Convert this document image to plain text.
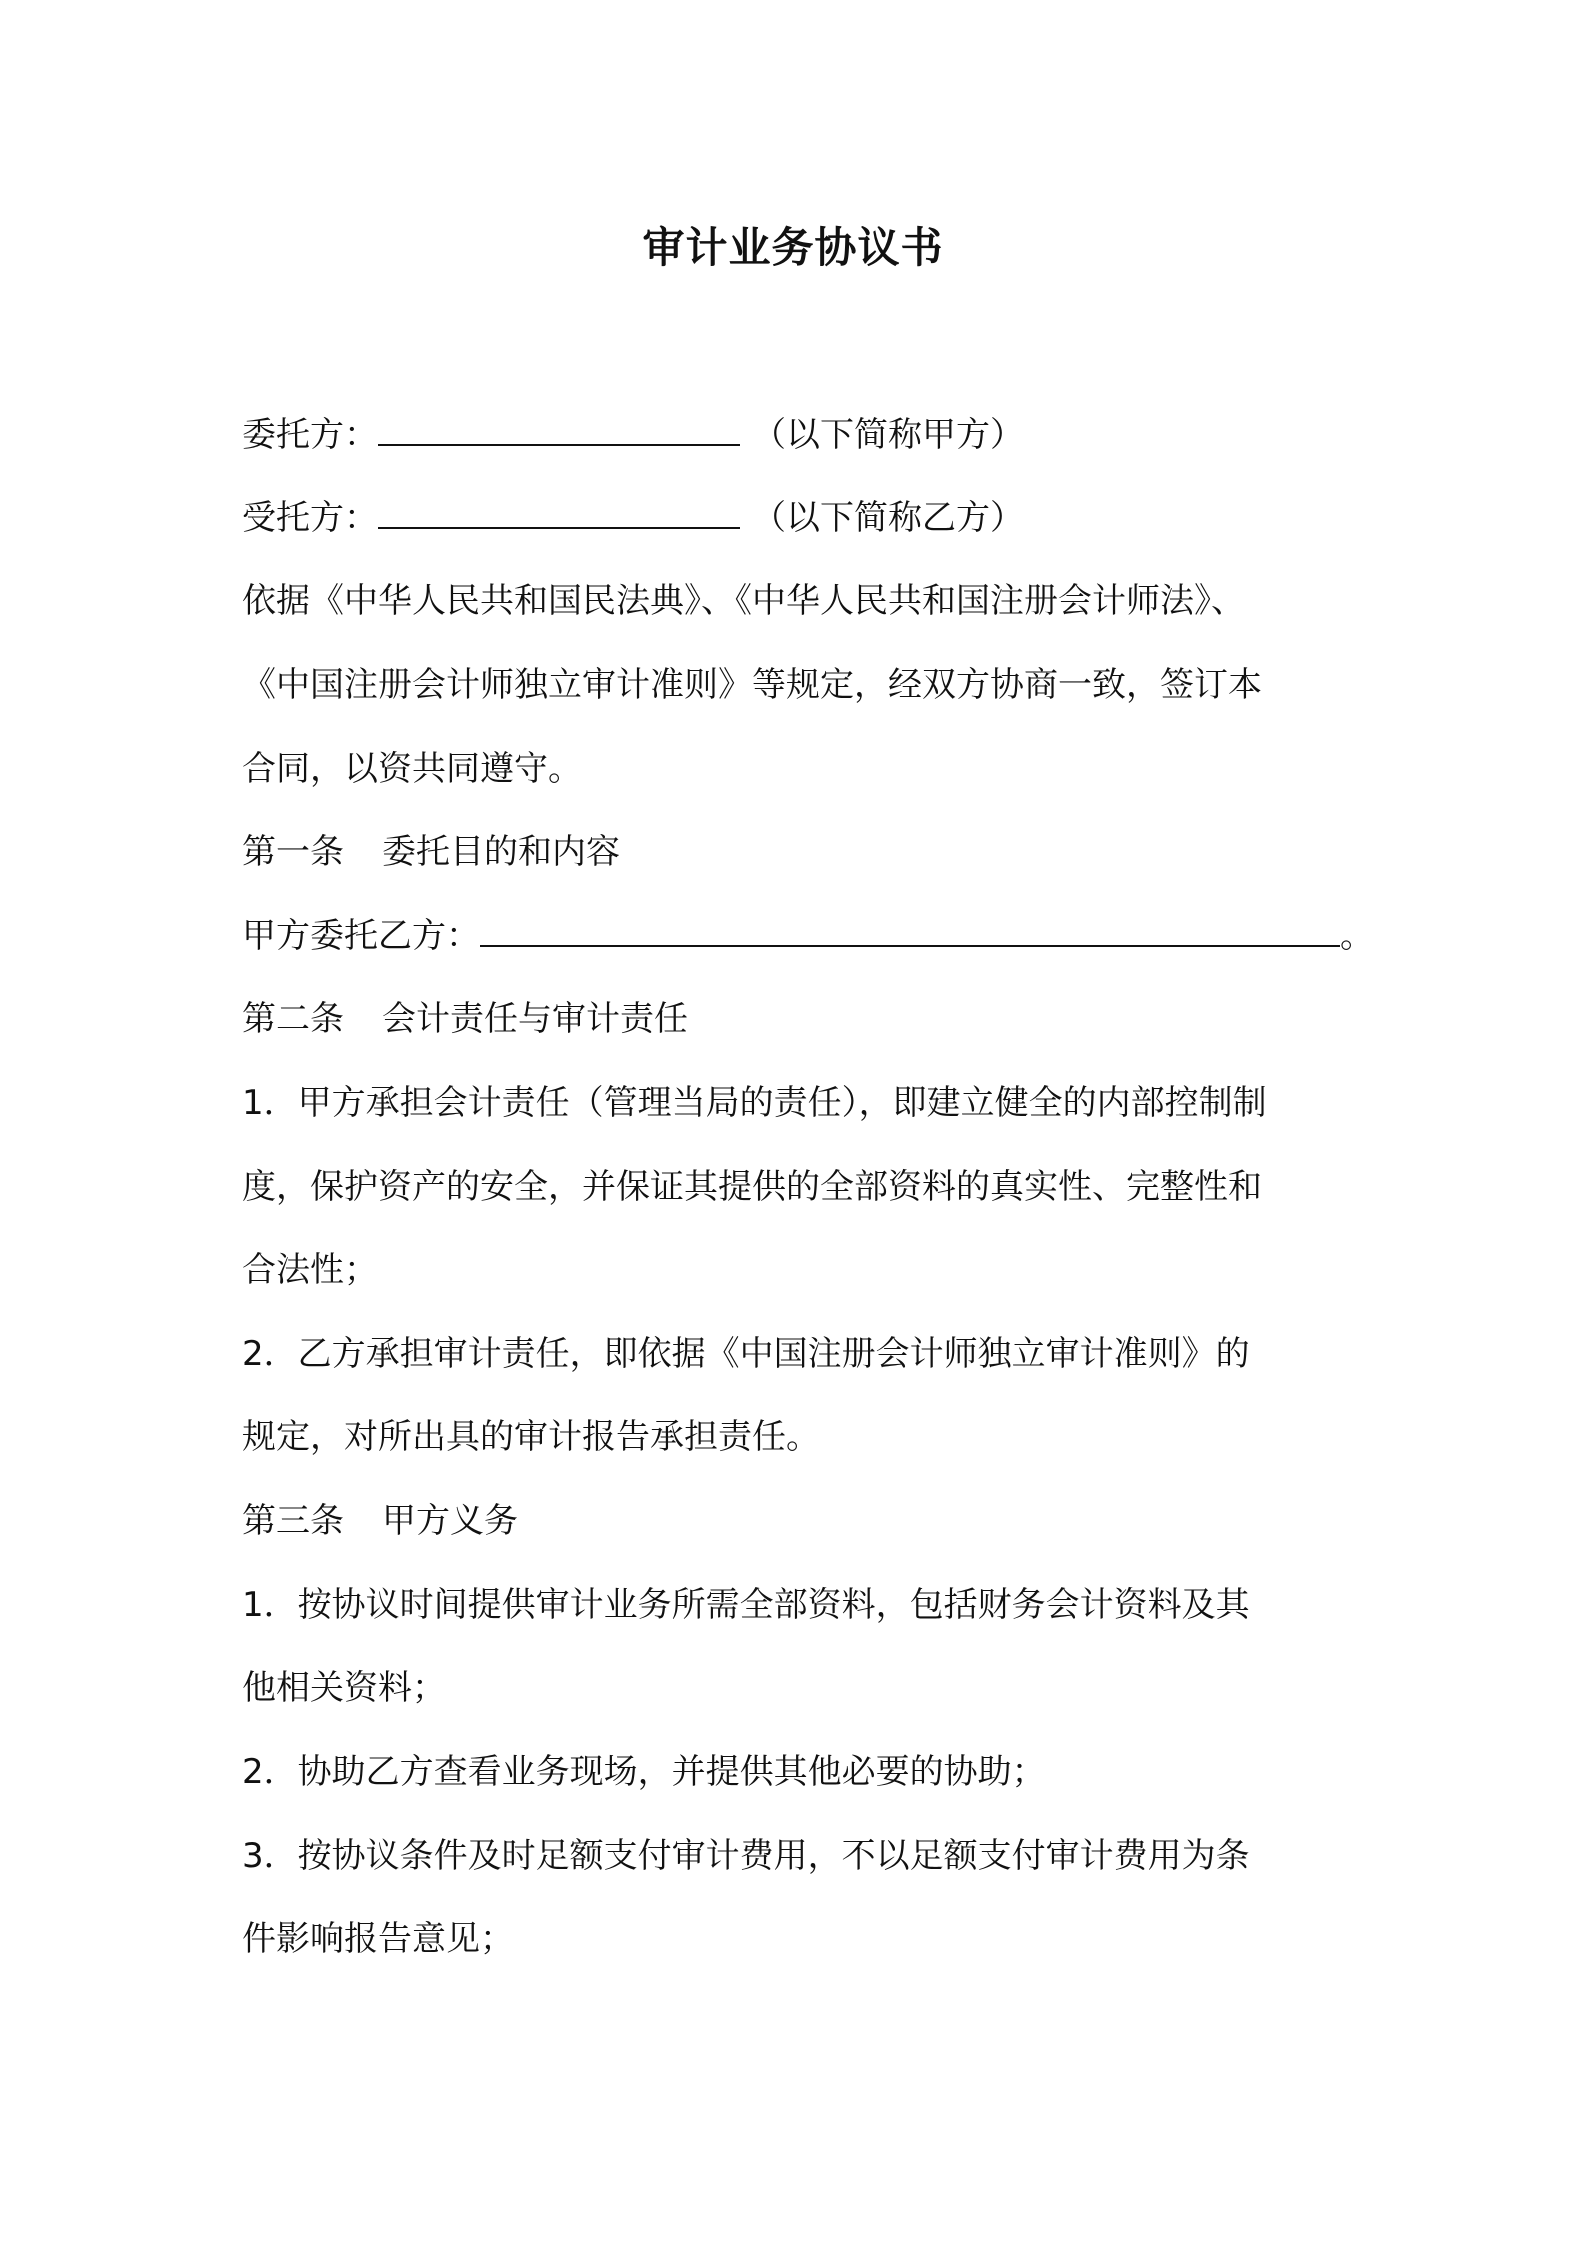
审计业务协议书
委托方：	（以下简称甲方）
受托方：	（以下简称乙方）
依据《中华人民共和国民法典》、《中华人民共和国注册会计师法》、
《中国注册会计师独立审计准则》等规定，经双方协商一致，签订本
合同，以资共同遵守。
第一条 委托目的和内容
甲方委托乙方：	。
第二条 会计责任与审计责任
1．甲方承担会计责任（管理当局的责任），即建立健全的内部控制制
度，保护资产的安全，并保证其提供的全部资料的真实性、完整性和
合法性；
2．乙方承担审计责任，即依据《中国注册会计师独立审计准则》的
规定，对所出具的审计报告承担责任。
第三条 甲方义务
1．按协议时间提供审计业务所需全部资料，包括财务会计资料及其
他相关资料；
2．协助乙方查看业务现场，并提供其他必要的协助；
3．按协议条件及时足额支付审计费用，不以足额支付审计费用为条
件影响报告意见；
